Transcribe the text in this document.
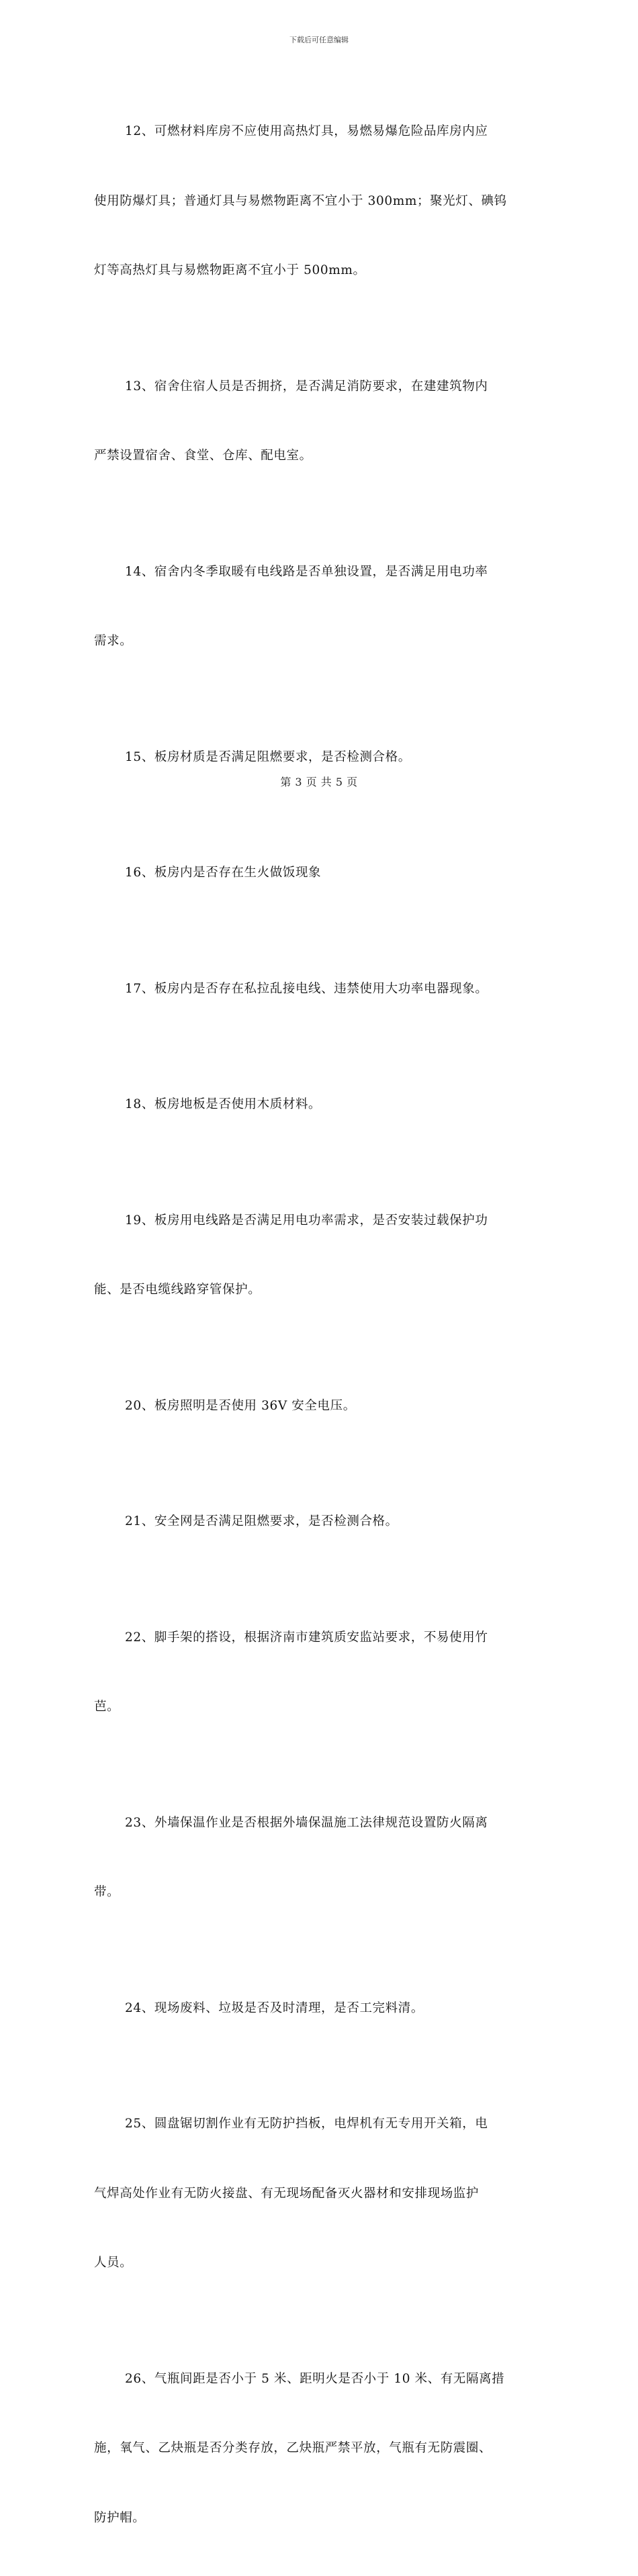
下载后可任意编辑

12、可燃材料库房不应使用高热灯具，易燃易爆危险品库房内应

使用防爆灯具；普通灯具与易燃物距离不宜小于 300mm；聚光灯、碘钨

灯等高热灯具与易燃物距离不宜小于 500mm。

13、宿舍住宿人员是否拥挤，是否满足消防要求，在建建筑物内

严禁设置宿舍、食堂、仓库、配电室。

14、宿舍内冬季取暖有电线路是否单独设置，是否满足用电功率

需求。

15、板房材质是否满足阻燃要求，是否检测合格。

16、板房内是否存在生火做饭现象

17、板房内是否存在私拉乱接电线、违禁使用大功率电器现象。

18、板房地板是否使用木质材料。

19、板房用电线路是否满足用电功率需求，是否安装过载保护功

能、是否电缆线路穿管保护。

20、板房照明是否使用 36V 安全电压。

21、安全网是否满足阻燃要求，是否检测合格。

22、脚手架的搭设，根据济南市建筑质安监站要求，不易使用竹

芭。

23、外墙保温作业是否根据外墙保温施工法律规范设置防火隔离

带。

24、现场废料、垃圾是否及时清理，是否工完料清。

25、圆盘锯切割作业有无防护挡板，电焊机有无专用开关箱，电

气焊高处作业有无防火接盘、有无现场配备灭火器材和安排现场监护

人员。

26、气瓶间距是否小于 5 米、距明火是否小于 10 米、有无隔离措

施，氧气、乙炔瓶是否分类存放，乙炔瓶严禁平放，气瓶有无防震圈、

防护帽。

第 3 页 共 5 页
